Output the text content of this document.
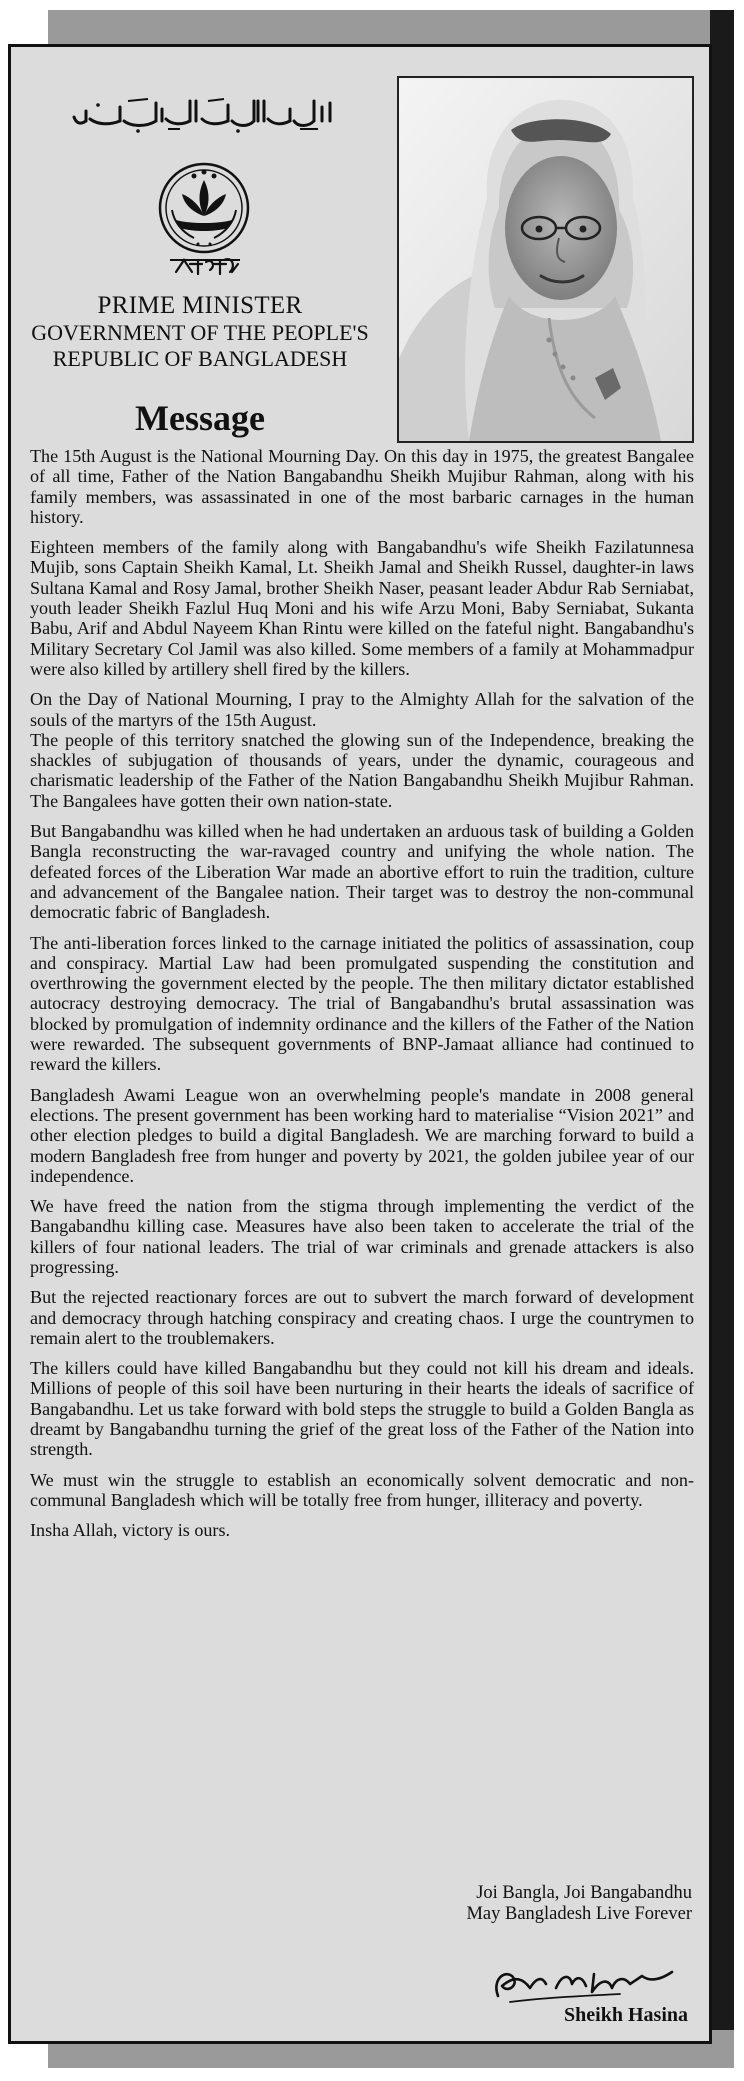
PRIME MINISTER
GOVERNMENT OF THE PEOPLE'S
REPUBLIC OF BANGLADESH
Message

The 15th August is the National Mourning Day. On this day in 1975, the greatest Bangalee of all time, Father of the Nation Bangabandhu Sheikh Mujibur Rahman, along with his family members, was assassinated in one of the most barbaric carnages in the human history.

Eighteen members of the family along with Bangabandhu's wife Sheikh Fazilatunnesa Mujib, sons Captain Sheikh Kamal, Lt. Sheikh Jamal and Sheikh Russel, daughter-in laws Sultana Kamal and Rosy Jamal, brother Sheikh Naser, peasant leader Abdur Rab Serniabat, youth leader Sheikh Fazlul Huq Moni and his wife Arzu Moni, Baby Serniabat, Sukanta Babu, Arif and Abdul Nayeem Khan Rintu were killed on the fateful night. Bangabandhu's Military Secretary Col Jamil was also killed. Some members of a family at Mohammadpur were also killed by artillery shell fired by the killers.

On the Day of National Mourning, I pray to the Almighty Allah for the salvation of the souls of the martyrs of the 15th August.

The people of this territory snatched the glowing sun of the Independence, breaking the shackles of subjugation of thousands of years, under the dynamic, courageous and charismatic leadership of the Father of the Nation Bangabandhu Sheikh Mujibur Rahman. The Bangalees have gotten their own nation-state.

But Bangabandhu was killed when he had undertaken an arduous task of building a Golden Bangla reconstructing the war-ravaged country and unifying the whole nation. The defeated forces of the Liberation War made an abortive effort to ruin the tradition, culture and advancement of the Bangalee nation. Their target was to destroy the non-communal democratic fabric of Bangladesh.

The anti-liberation forces linked to the carnage initiated the politics of assassination, coup and conspiracy. Martial Law had been promulgated suspending the constitution and overthrowing the government elected by the people. The then military dictator established autocracy destroying democracy. The trial of Bangabandhu's brutal assassination was blocked by promulgation of indemnity ordinance and the killers of the Father of the Nation were rewarded. The subsequent governments of BNP-Jamaat alliance had continued to reward the killers.

Bangladesh Awami League won an overwhelming people's mandate in 2008 general elections. The present government has been working hard to materialise “Vision 2021” and other election pledges to build a digital Bangladesh. We are marching forward to build a modern Bangladesh free from hunger and poverty by 2021, the golden jubilee year of our independence.

We have freed the nation from the stigma through implementing the verdict of the Bangabandhu killing case. Measures have also been taken to accelerate the trial of the killers of four national leaders. The trial of war criminals and grenade attackers is also progressing.

But the rejected reactionary forces are out to subvert the march forward of development and democracy through hatching conspiracy and creating chaos. I urge the countrymen to remain alert to the troublemakers.

The killers could have killed Bangabandhu but they could not kill his dream and ideals. Millions of people of this soil have been nurturing in their hearts the ideals of sacrifice of Bangabandhu. Let us take forward with bold steps the struggle to build a Golden Bangla as dreamt by Bangabandhu turning the grief of the great loss of the Father of the Nation into strength.

We must win the struggle to establish an economically solvent democratic and non-communal Bangladesh which will be totally free from hunger, illiteracy and poverty.

Insha Allah, victory is ours.

Joi Bangla, Joi Bangabandhu
May Bangladesh Live Forever
Sheikh Hasina
